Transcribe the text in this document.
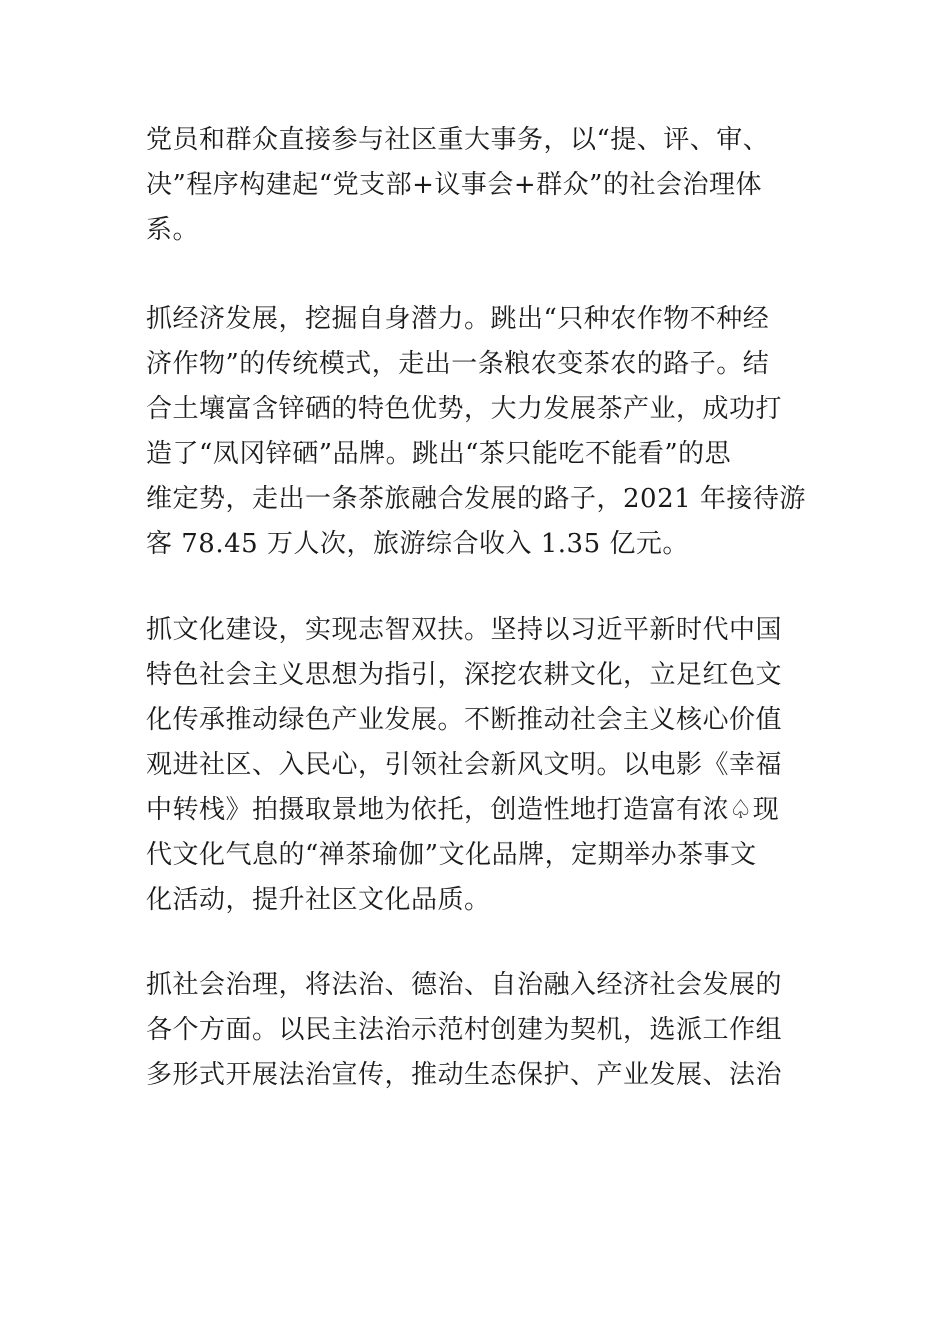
党员和群众直接参与社区重大事务，以“提、评、审、
决”程序构建起“党支部+议事会+群众”的社会治理体
系。
抓经济发展，挖掘自身潜力。跳出“只种农作物不种经
济作物”的传统模式，走出一条粮农变茶农的路子。结
合土壤富含锌硒的特色优势，大力发展茶产业，成功打
造了“凤冈锌硒”品牌。跳出“茶只能吃不能看”的思
维定势，走出一条茶旅融合发展的路子，2021 年接待游
客 78.45 万人次，旅游综合收入 1.35 亿元。
抓文化建设，实现志智双扶。坚持以习近平新时代中国
特色社会主义思想为指引，深挖农耕文化，立足红色文
化传承推动绿色产业发展。不断推动社会主义核心价值
观进社区、入民心，引领社会新风文明。以电影《幸福
中转栈》拍摄取景地为依托，创造性地打造富有浓♤现
代文化气息的“禅茶瑜伽”文化品牌，定期举办茶事文
化活动，提升社区文化品质。
抓社会治理，将法治、德治、自治融入经济社会发展的
各个方面。以民主法治示范村创建为契机，选派工作组
多形式开展法治宣传，推动生态保护、产业发展、法治
